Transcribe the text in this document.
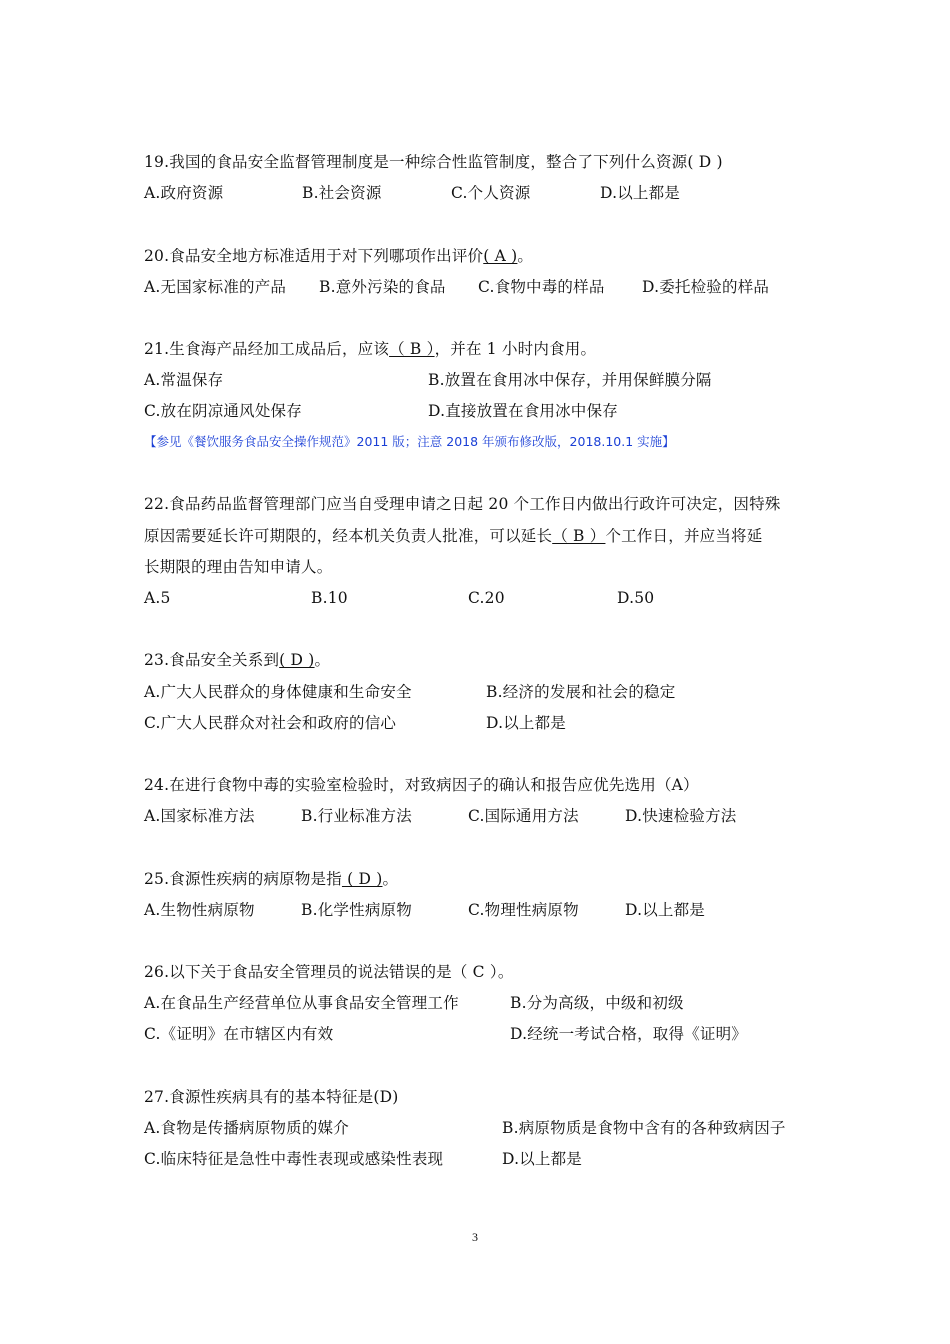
19.我国的食品安全监督管理制度是一种综合性监管制度，整合了下列什么资源( D )
A.政府资源	B.社会资源	C.个人资源	D.以上都是
20.食品安全地方标准适用于对下列哪项作出评价( A )。
A.无国家标准的产品 B.意外污染的食品 C.食物中毒的样品 D.委托检验的样品
21.生食海产品经加工成品后，应该（ B ），并在 1 小时内食用。
A.常温保存	B.放置在食用冰中保存，并用保鲜膜分隔
C.放在阴凉通风处保存	D.直接放置在食用冰中保存
【参见《餐饮服务食品安全操作规范》2011 版；注意 2018 年颁布修改版，2018.10.1 实施】
22.食品药品监督管理部门应当自受理申请之日起 20 个工作日内做出行政许可决定，因特殊
原因需要延长许可期限的，经本机关负责人批准，可以延长（ B ）个工作日，并应当将延
长期限的理由告知申请人。
A.5	B.10	C.20	D.50
23.食品安全关系到( D )。
A.广大人民群众的身体健康和生命安全	B.经济的发展和社会的稳定
C.广大人民群众对社会和政府的信心	D.以上都是
24.在进行食物中毒的实验室检验时，对致病因子的确认和报告应优先选用（A）
A.国家标准方法	B.行业标准方法	C.国际通用方法	D.快速检验方法
25.食源性疾病的病原物是指 ( D )。
A.生物性病原物	B.化学性病原物	C.物理性病原物	D.以上都是
26.以下关于食品安全管理员的说法错误的是（ C ）。
A.在食品生产经营单位从事食品安全管理工作	B.分为高级，中级和初级
C.《证明》在市辖区内有效	D.经统一考试合格，取得《证明》
27.食源性疾病具有的基本特征是(D)
A.食物是传播病原物质的媒介	B.病原物质是食物中含有的各种致病因子
C.临床特征是急性中毒性表现或感染性表现	D.以上都是
3
